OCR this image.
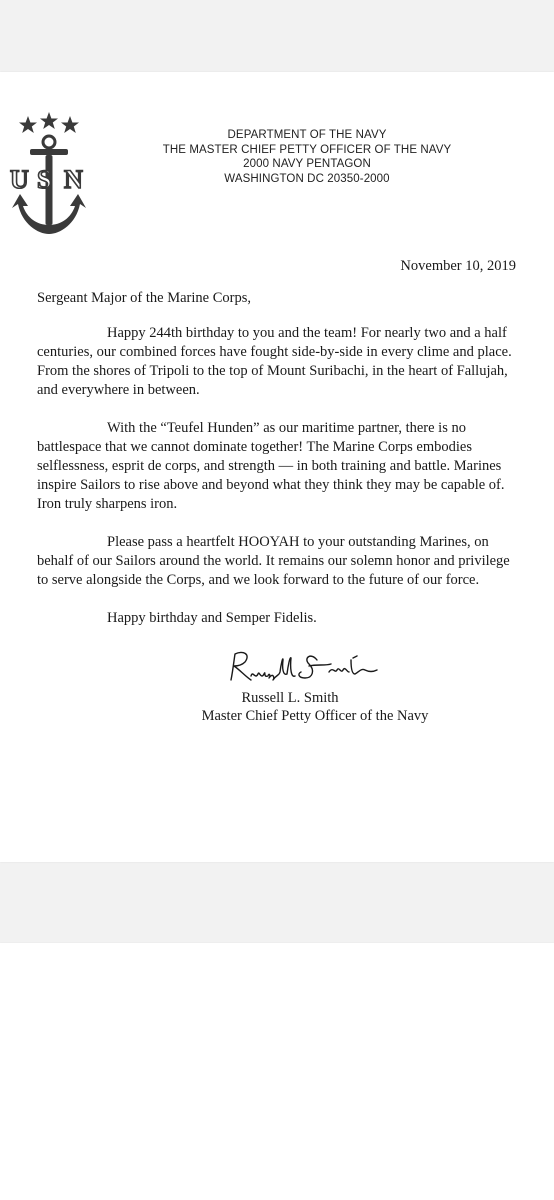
U S N
DEPARTMENT OF THE NAVY
THE MASTER CHIEF PETTY OFFICER OF THE NAVY
2000 NAVY PENTAGON
WASHINGTON DC 20350-2000
November 10, 2019
Sergeant Major of the Marine Corps,

Happy 244th birthday to you and the team! For nearly two and a half centuries, our combined forces have fought side-by-side in every clime and place. From the shores of Tripoli to the top of Mount Suribachi, in the heart of Fallujah, and everywhere in between.

With the “Teufel Hunden” as our maritime partner, there is no battlespace that we cannot dominate together! The Marine Corps embodies selflessness, esprit de corps, and strength — in both training and battle. Marines inspire Sailors to rise above and beyond what they think they may be capable of. Iron truly sharpens iron.

Please pass a heartfelt HOOYAH to your outstanding Marines, on behalf of our Sailors around the world. It remains our solemn honor and privilege to serve alongside the Corps, and we look forward to the future of our force.

Happy birthday and Semper Fidelis.

Russell L. Smith
Master Chief Petty Officer of the Navy
